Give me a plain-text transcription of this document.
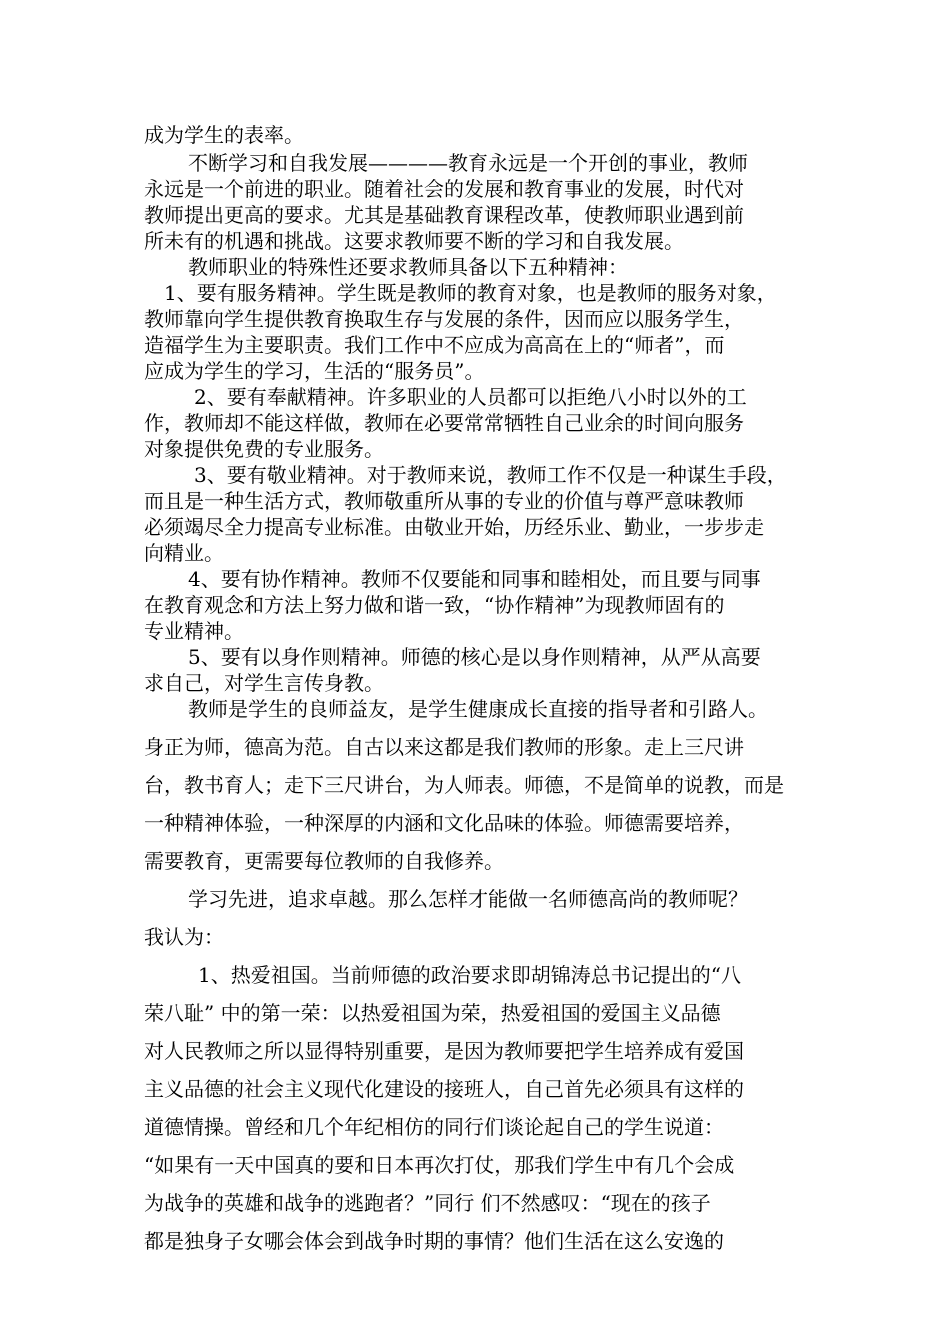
成为学生的表率。
不断学习和自我发展————教育永远是一个开创的事业，教师
永远是一个前进的职业。随着社会的发展和教育事业的发展，时代对
教师提出更高的要求。尤其是基础教育课程改革，使教师职业遇到前
所未有的机遇和挑战。这要求教师要不断的学习和自我发展。
教师职业的特殊性还要求教师具备以下五种精神：
1、要有服务精神。学生既是教师的教育对象，也是教师的服务对象，
教师靠向学生提供教育换取生存与发展的条件，因而应以服务学生，
造福学生为主要职责。我们工作中不应成为高高在上的“师者”，而
应成为学生的学习，生活的“服务员”。
2、要有奉献精神。许多职业的人员都可以拒绝八小时以外的工
作，教师却不能这样做，教师在必要常常牺牲自己业余的时间向服务
对象提供免费的专业服务。
3、要有敬业精神。对于教师来说，教师工作不仅是一种谋生手段，
而且是一种生活方式，教师敬重所从事的专业的价值与尊严意味教师
必须竭尽全力提高专业标准。由敬业开始，历经乐业、勤业，一步步走
向精业。
4、要有协作精神。教师不仅要能和同事和睦相处，而且要与同事
在教育观念和方法上努力做和谐一致，“协作精神”为现教师固有的
专业精神。
5、要有以身作则精神。师德的核心是以身作则精神，从严从高要
求自己，对学生言传身教。
教师是学生的良师益友，是学生健康成长直接的指导者和引路人。
身正为师，德高为范。自古以来这都是我们教师的形象。走上三尺讲
台，教书育人；走下三尺讲台，为人师表。师德，不是简单的说教，而是
一种精神体验，一种深厚的内涵和文化品味的体验。师德需要培养，
需要教育，更需要每位教师的自我修养。
学习先进，追求卓越。那么怎样才能做一名师德高尚的教师呢？
我认为：
1、热爱祖国。当前师德的政治要求即胡锦涛总书记提出的“八
荣八耻” 中的第一荣：以热爱祖国为荣，热爱祖国的爱国主义品德
对人民教师之所以显得特别重要，是因为教师要把学生培养成有爱国
主义品德的社会主义现代化建设的接班人，自己首先必须具有这样的
道德情操。曾经和几个年纪相仿的同行们谈论起自己的学生说道：
“如果有一天中国真的要和日本再次打仗，那我们学生中有几个会成
为战争的英雄和战争的逃跑者？”同行 们不然感叹：“现在的孩子
都是独身子女哪会体会到战争时期的事情？他们生活在这么安逸的
